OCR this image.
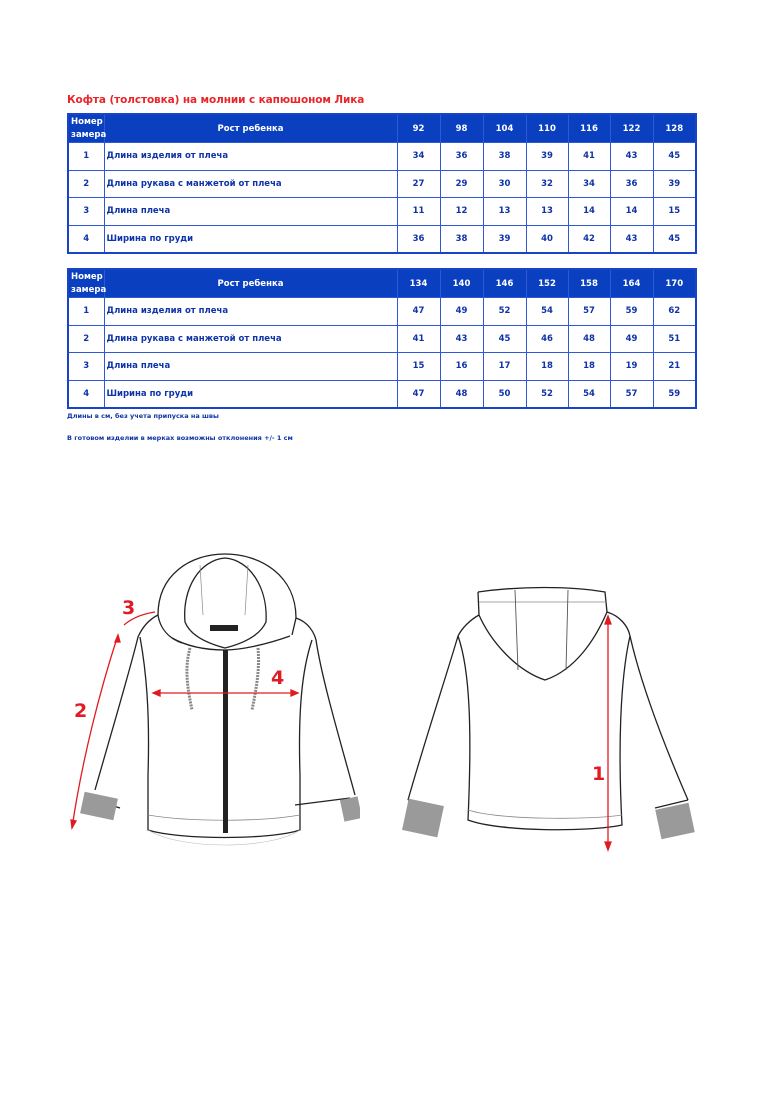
Кофта (толстовка) на молнии с капюшоном Лика
Номер
замера	Рост ребенка	92	98	104	110	116	122	128
1	Длина изделия от плеча	34	36	38	39	41	43	45
2	Длина рукава с манжетой от плеча	27	29	30	32	34	36	39
3	Длина плеча	11	12	13	13	14	14	15
4	Ширина по груди	36	38	39	40	42	43	45
Номер
замера	Рост ребенка	134	140	146	152	158	164	170
1	Длина изделия от плеча	47	49	52	54	57	59	62
2	Длина рукава с манжетой от плеча	41	43	45	46	48	49	51
3	Длина плеча	15	16	17	18	18	19	21
4	Ширина по груди	47	48	50	52	54	57	59
Длины в см, без учета припуска на швы
В готовом изделии в мерках возможны отклонения +/- 1 см
3
2
4
1
